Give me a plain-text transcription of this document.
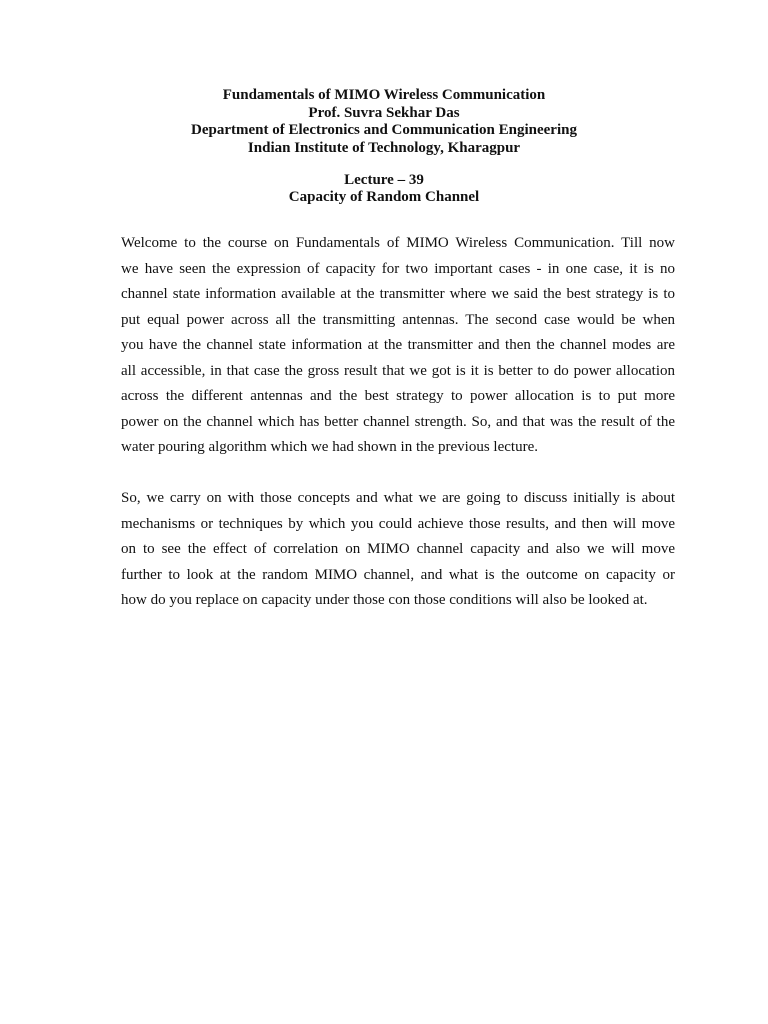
Fundamentals of MIMO Wireless Communication
Prof. Suvra Sekhar Das
Department of Electronics and Communication Engineering
Indian Institute of Technology, Kharagpur
Lecture – 39
Capacity of Random Channel

Welcome to the course on Fundamentals of MIMO Wireless Communication. Till now
we have seen the expression of capacity for two important cases - in one case, it is no
channel state information available at the transmitter where we said the best strategy is to
put equal power across all the transmitting antennas. The second case would be when
you have the channel state information at the transmitter and then the channel modes are
all accessible, in that case the gross result that we got is it is better to do power allocation
across the different antennas and the best strategy to power allocation is to put more
power on the channel which has better channel strength. So, and that was the result of the
water pouring algorithm which we had shown in the previous lecture.

So, we carry on with those concepts and what we are going to discuss initially is about
mechanisms or techniques by which you could achieve those results, and then will move
on to see the effect of correlation on MIMO channel capacity and also we will move
further to look at the random MIMO channel, and what is the outcome on capacity or
how do you replace on capacity under those con those conditions will also be looked at.
